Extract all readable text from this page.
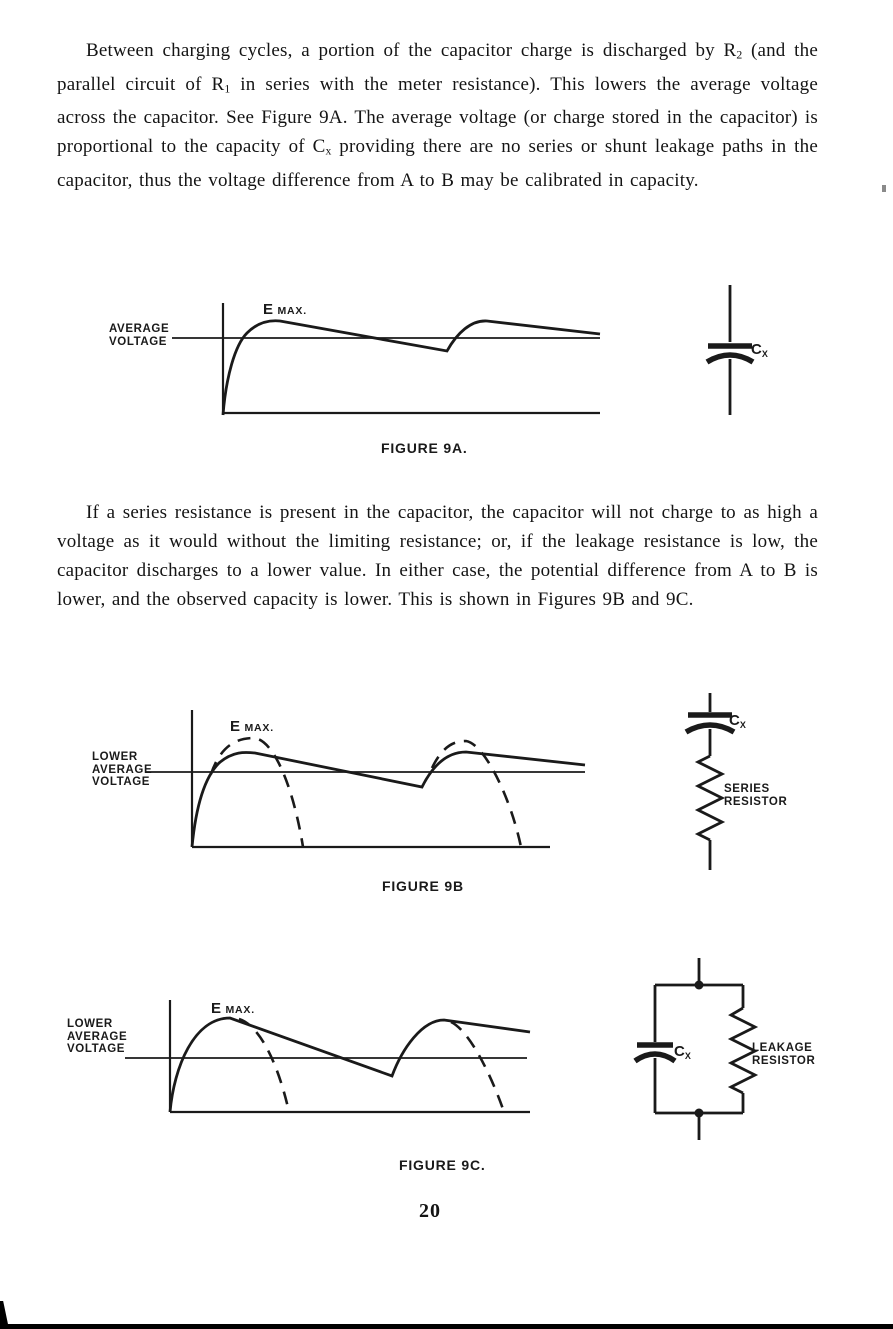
Between charging cycles, a portion of the capacitor charge is discharged by R2 (and the parallel circuit of R1 in series with the meter resistance). This lowers the average voltage across the capacitor. See Figure 9A. The average voltage (or charge stored in the capacitor) is proportional to the capacity of Cx providing there are no series or shunt leakage paths in the capacitor, thus the voltage difference from A to B may be calibrated in capacity.
AVERAGE
VOLTAGE
E MAX.
FIGURE 9A.
CX
If a series resistance is present in the capacitor, the capacitor will not charge to as high a voltage as it would without the limiting resistance; or, if the leakage resistance is low, the capacitor discharges to a lower value. In either case, the potential difference from A to B is lower, and the observed capacity is lower. This is shown in Figures 9B and 9C.
LOWER
AVERAGE
VOLTAGE
E MAX.
FIGURE 9B
CX
SERIES
RESISTOR
LOWER
AVERAGE
VOLTAGE
E MAX.
FIGURE 9C.
CX
LEAKAGE
RESISTOR
20
